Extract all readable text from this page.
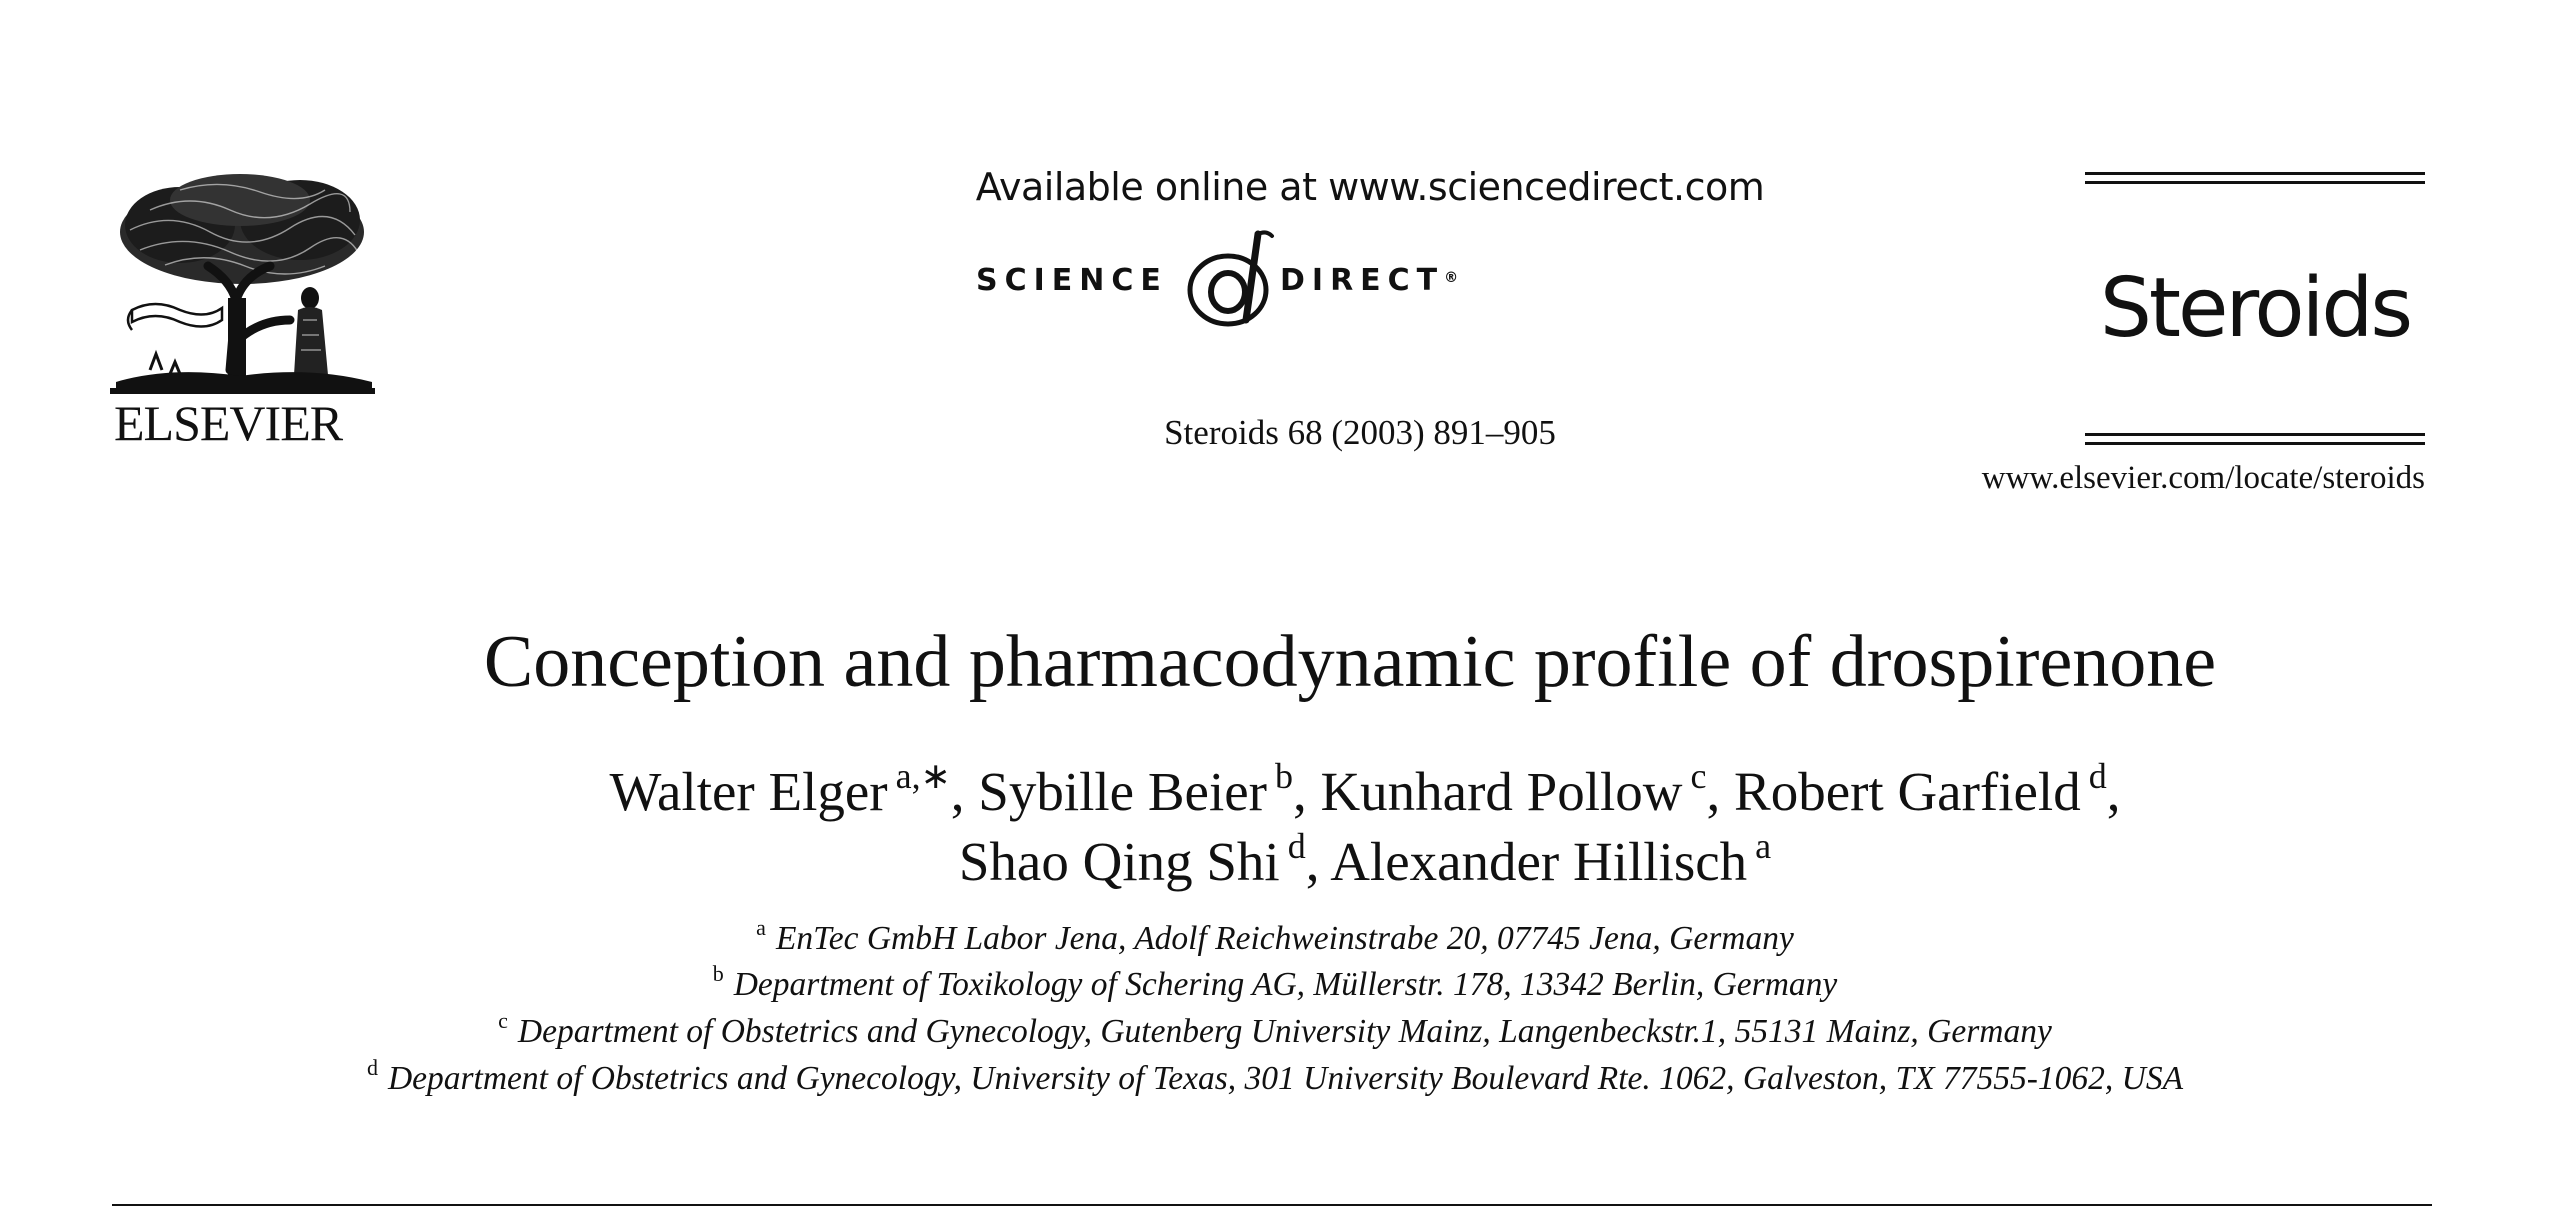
ELSEVIER
Available online at www.sciencedirect.com
SCIENCE	DIRECT®
Steroids 68 (2003) 891–905
Steroids
www.elsevier.com/locate/steroids
Conception and pharmacodynamic profile of drospirenone
Walter Elger $^{a,∗}$, Sybille Beier $^b$, Kunhard Pollow $^c$, Robert Garfield $^d$,
Shao Qing Shi $^d$, Alexander Hillisch $^a$
$^a$ EnTec GmbH Labor Jena, Adolf Reichweinstrabe 20, 07745 Jena, Germany
$^b$ Department of Toxikology of Schering AG, Müllerstr. 178, 13342 Berlin, Germany
$^c$ Department of Obstetrics and Gynecology, Gutenberg University Mainz, Langenbeckstr.1, 55131 Mainz, Germany
$^d$ Department of Obstetrics and Gynecology, University of Texas, 301 University Boulevard Rte. 1062, Galveston, TX 77555-1062, USA
